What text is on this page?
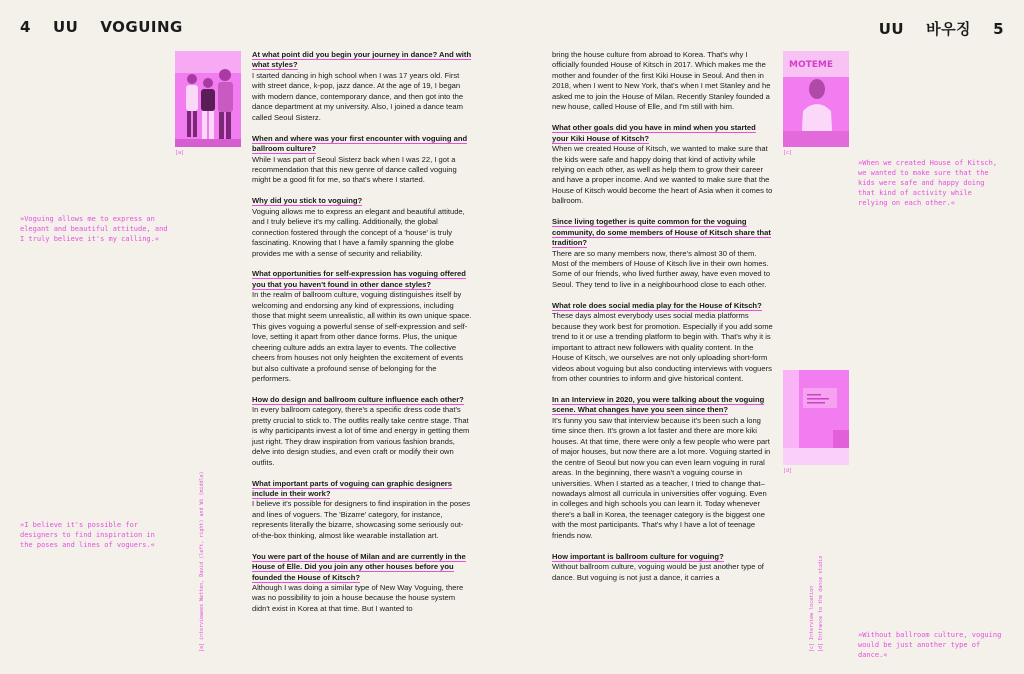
4 UU VOGUING	UU 바우징 5
[a]
»Voguing allows me to express an elegant and beautiful attitude, and I truly believe it's my calling.«
»I believe it's possible for designers to find inspiration in the poses and lines of voguers.«	[a] interviewees Wetten, David (left, right) and Wi (middle)

At what point did you begin your journey in dance? And with what styles?

I started dancing in high school when I was 17 years old. First with street dance, k-pop, jazz dance. At the age of 19, I began with modern dance, contemporary dance, and then got into the dance department at my university. Also, I joined a dance team called Seoul Sisterz.

When and where was your first encounter with voguing and ballroom culture?

While I was part of Seoul Sisterz back when I was 22, I got a recommendation that this new genre of dance called voguing might be a good fit for me, so that's where I started.

Why did you stick to voguing?

Voguing allows me to express an elegant and beautiful attitude, and I truly believe it's my calling. Additionally, the global connection fostered through the concept of a 'house' is truly fascinating. Knowing that I have a family spanning the globe provides me with a sense of security and reliability.

What opportunities for self-expression has voguing offered you that you haven't found in other dance styles?

In the realm of ballroom culture, voguing distinguishes itself by welcoming and endorsing any kind of expressions, including those that might seem unrealistic, all within its own unique space. This gives voguing a powerful sense of self-expression and self-love, setting it apart from other dance forms. Plus, the unique cheering culture adds an extra layer to events. The collective cheers from houses not only heighten the excitement of events but also cultivate a profound sense of belonging for the performers.

How do design and ballroom culture influence each other?

In every ballroom category, there's a specific dress code that's pretty crucial to stick to. The outfits really take centre stage. That is why participants invest a lot of time and energy in getting them just right. They draw inspiration from various fashion brands, delve into design studies, and even craft or modify their own outfits.

What important parts of voguing can graphic designers include in their work?

I believe it's possible for designers to find inspiration in the poses and lines of voguers. The 'Bizarre' category, for instance, represents literally the bizarre, showcasing some seriously out-of-the-box thinking, almost like wearable installation art.

You were part of the house of Milan and are currently in the House of Elle. Did you join any other houses before you founded the House of Kitsch?

Although I was doing a similar type of New Way Voguing, there was no possibility to join a house because the house system didn't exist in Korea at that time. But I wanted to

bring the house culture from abroad to Korea. That's why I officially founded House of Kitsch in 2017. Which makes me the mother and founder of the first Kiki House in Seoul. And then in 2018, when I went to New York, that's when I met Stanley and he asked me to join the House of Milan. Recently Stanley founded a new house, called House of Elle, and I'm still with him.

What other goals did you have in mind when you started your Kiki House of Kitsch?

When we created House of Kitsch, we wanted to make sure that the kids were safe and happy doing that kind of activity while relying on each other, as well as help them to grow their career and have a proper income. And we wanted to make sure that the House of Kitsch would become the heart of Asia when it comes to ballroom.

Since living together is quite common for the voguing community, do some members of House of Kitsch share that tradition?

There are so many members now, there's almost 30 of them. Most of the members of House of Kitsch live in their own homes. Some of our friends, who lived further away, have even moved to Seoul. They tend to live in a neighbourhood close to each other.

What role does social media play for the House of Kitsch?

These days almost everybody uses social media platforms because they work best for promotion. Especially if you add some trend to it or use a trending platform to begin with. That's why it is important to attract new followers with quality content. In the House of Kitsch, we ourselves are not only uploading short-form videos about voguing but also conducting interviews with voguers from other countries to inform and give historical content.

In an Interview in 2020, you were talking about the voguing scene. What changes have you seen since then?

It's funny you saw that interview because it's been such a long time since then. It's grown a lot faster and there are more kiki houses. At that time, there were only a few people who were part of major houses, but now there are a lot more. Voguing started in the centre of Seoul but now you can even learn voguing in rural areas. In the beginning, there wasn't a voguing course in universities. When I started as a teacher, I tried to change that–nowadays almost all curricula in universities offer voguing. Even in colleges and high schools you can learn it. Today whenever there's a ball in Korea, the teenager category is the biggest one with the most participants. That's why I have a lot of teenage friends now.

How important is ballroom culture for voguing?

Without ballroom culture, voguing would be just another type of dance. But voguing is not just a dance, it carries a

MOTEME
[c]
»When we created House of Kitsch, we wanted to make sure that the kids were safe and happy doing that kind of activity while relying on each other.«
[d]
[c] Interview location [d] Entrance to the dance studio	»Without ballroom culture, voguing would be just another type of dance.«
